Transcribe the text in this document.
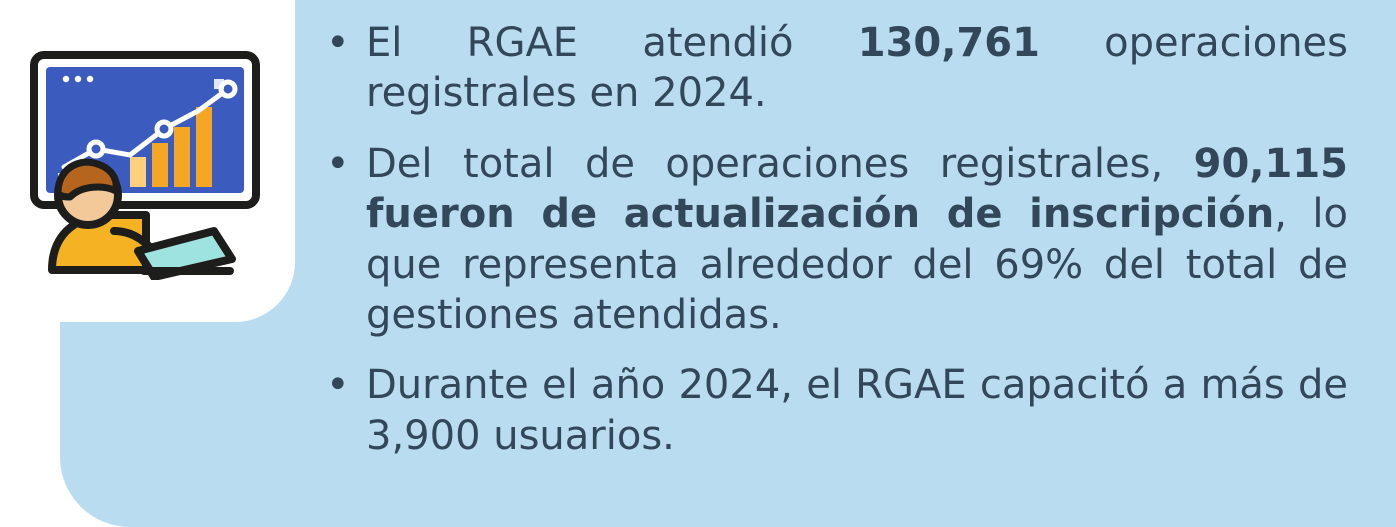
• El RGAE atendió 130,761 operaciones registrales en 2024.
• Del total de operaciones registrales, 90,115 fueron de actualización de inscripción, lo que representa alrededor del 69% del total de gestiones atendidas.
• Durante el año 2024, el RGAE capacitó a más de 3,900 usuarios.
